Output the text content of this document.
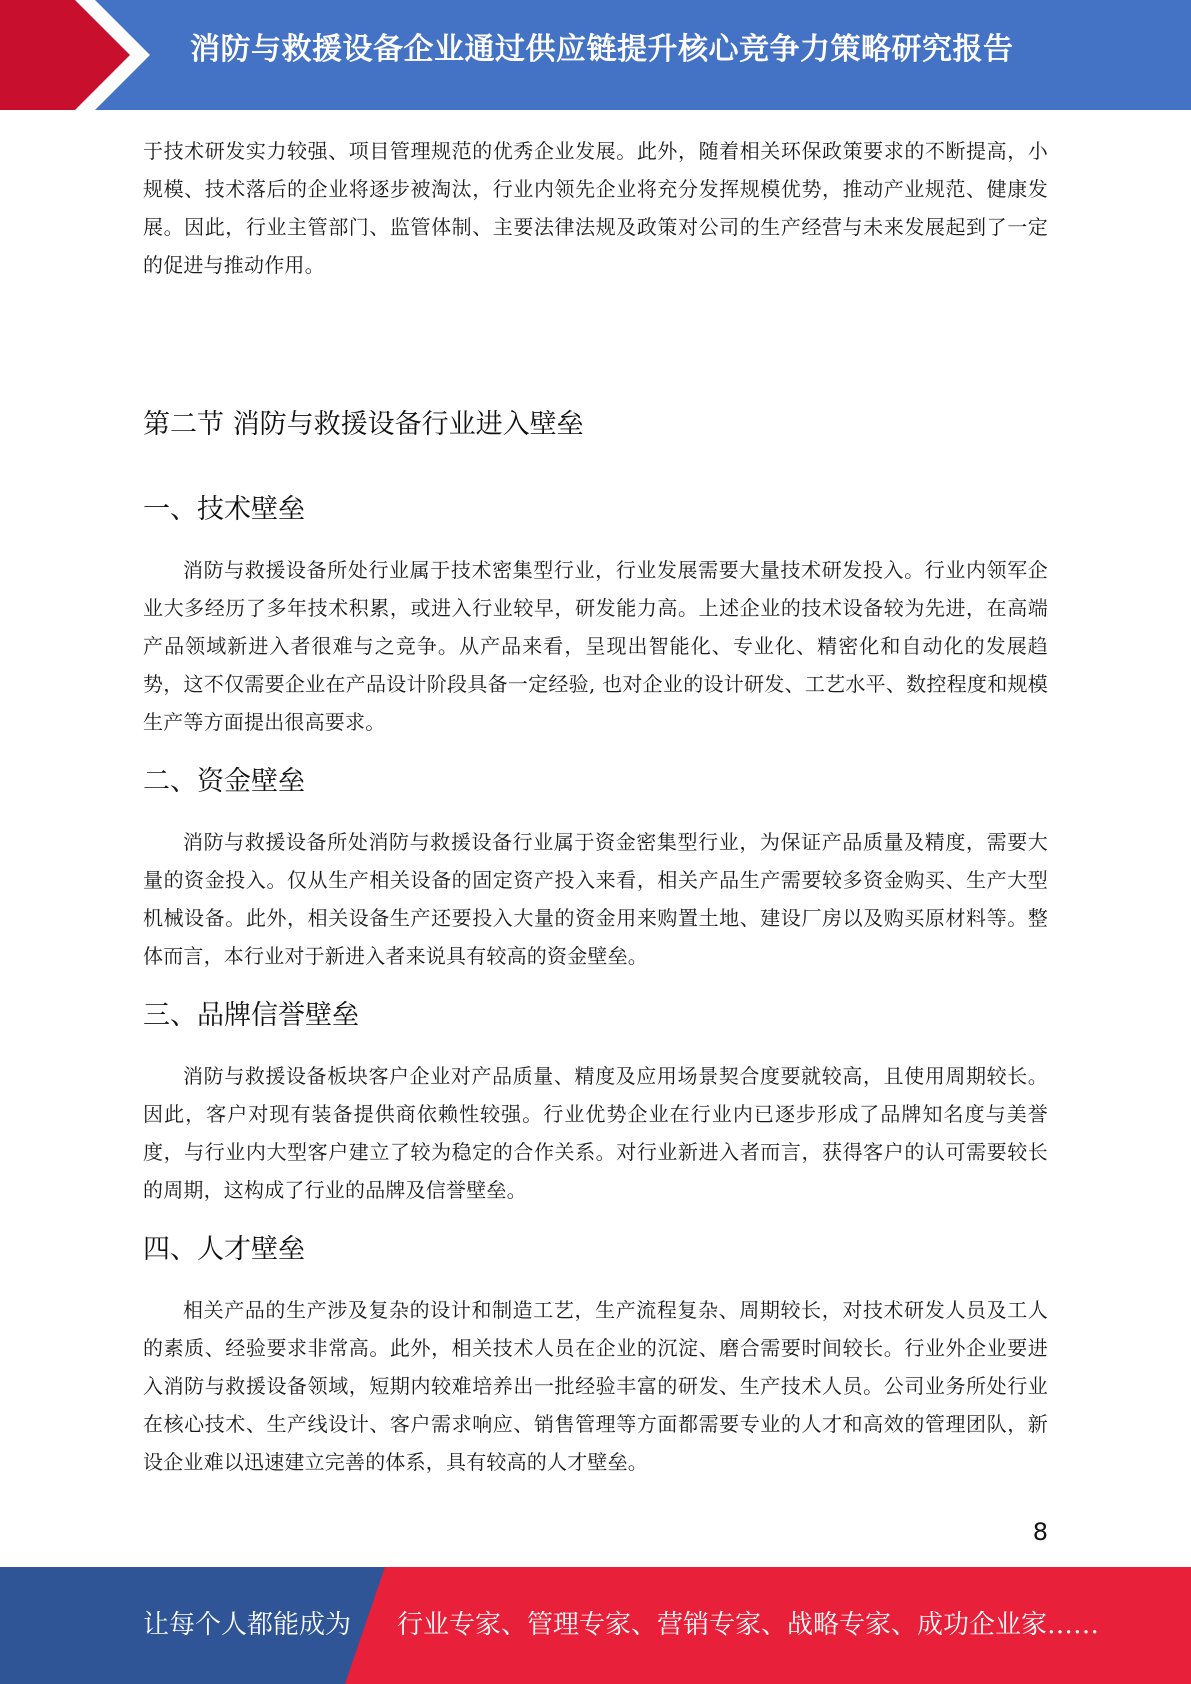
消防与救援设备企业通过供应链提升核心竞争力策略研究报告

于技术研发实力较强、项目管理规范的优秀企业发展。此外，随着相关环保政策要求的不断提高，小规模、技术落后的企业将逐步被淘汰，行业内领先企业将充分发挥规模优势，推动产业规范、健康发展。因此，行业主管部门、监管体制、主要法律法规及政策对公司的生产经营与未来发展起到了一定的促进与推动作用。

第二节 消防与救援设备行业进入壁垒
一、技术壁垒

消防与救援设备所处行业属于技术密集型行业，行业发展需要大量技术研发投入。行业内领军企业大多经历了多年技术积累，或进入行业较早，研发能力高。上述企业的技术设备较为先进，在高端产品领域新进入者很难与之竞争。从产品来看，呈现出智能化、专业化、精密化和自动化的发展趋势，这不仅需要企业在产品设计阶段具备一定经验, 也对企业的设计研发、工艺水平、数控程度和规模生产等方面提出很高要求。

二、资金壁垒

消防与救援设备所处消防与救援设备行业属于资金密集型行业，为保证产品质量及精度，需要大量的资金投入。仅从生产相关设备的固定资产投入来看，相关产品生产需要较多资金购买、生产大型机械设备。此外，相关设备生产还要投入大量的资金用来购置土地、建设厂房以及购买原材料等。整体而言，本行业对于新进入者来说具有较高的资金壁垒。

三、品牌信誉壁垒

消防与救援设备板块客户企业对产品质量、精度及应用场景契合度要就较高，且使用周期较长。因此，客户对现有装备提供商依赖性较强。行业优势企业在行业内已逐步形成了品牌知名度与美誉度，与行业内大型客户建立了较为稳定的合作关系。对行业新进入者而言，获得客户的认可需要较长的周期，这构成了行业的品牌及信誉壁垒。

四、人才壁垒

相关产品的生产涉及复杂的设计和制造工艺，生产流程复杂、周期较长，对技术研发人员及工人的素质、经验要求非常高。此外，相关技术人员在企业的沉淀、磨合需要时间较长。行业外企业要进入消防与救援设备领域，短期内较难培养出一批经验丰富的研发、生产技术人员。公司业务所处行业在核心技术、生产线设计、客户需求响应、销售管理等方面都需要专业的人才和高效的管理团队，新设企业难以迅速建立完善的体系，具有较高的人才壁垒。

8
让每个人都能成为 行业专家、管理专家、营销专家、战略专家、成功企业家……
